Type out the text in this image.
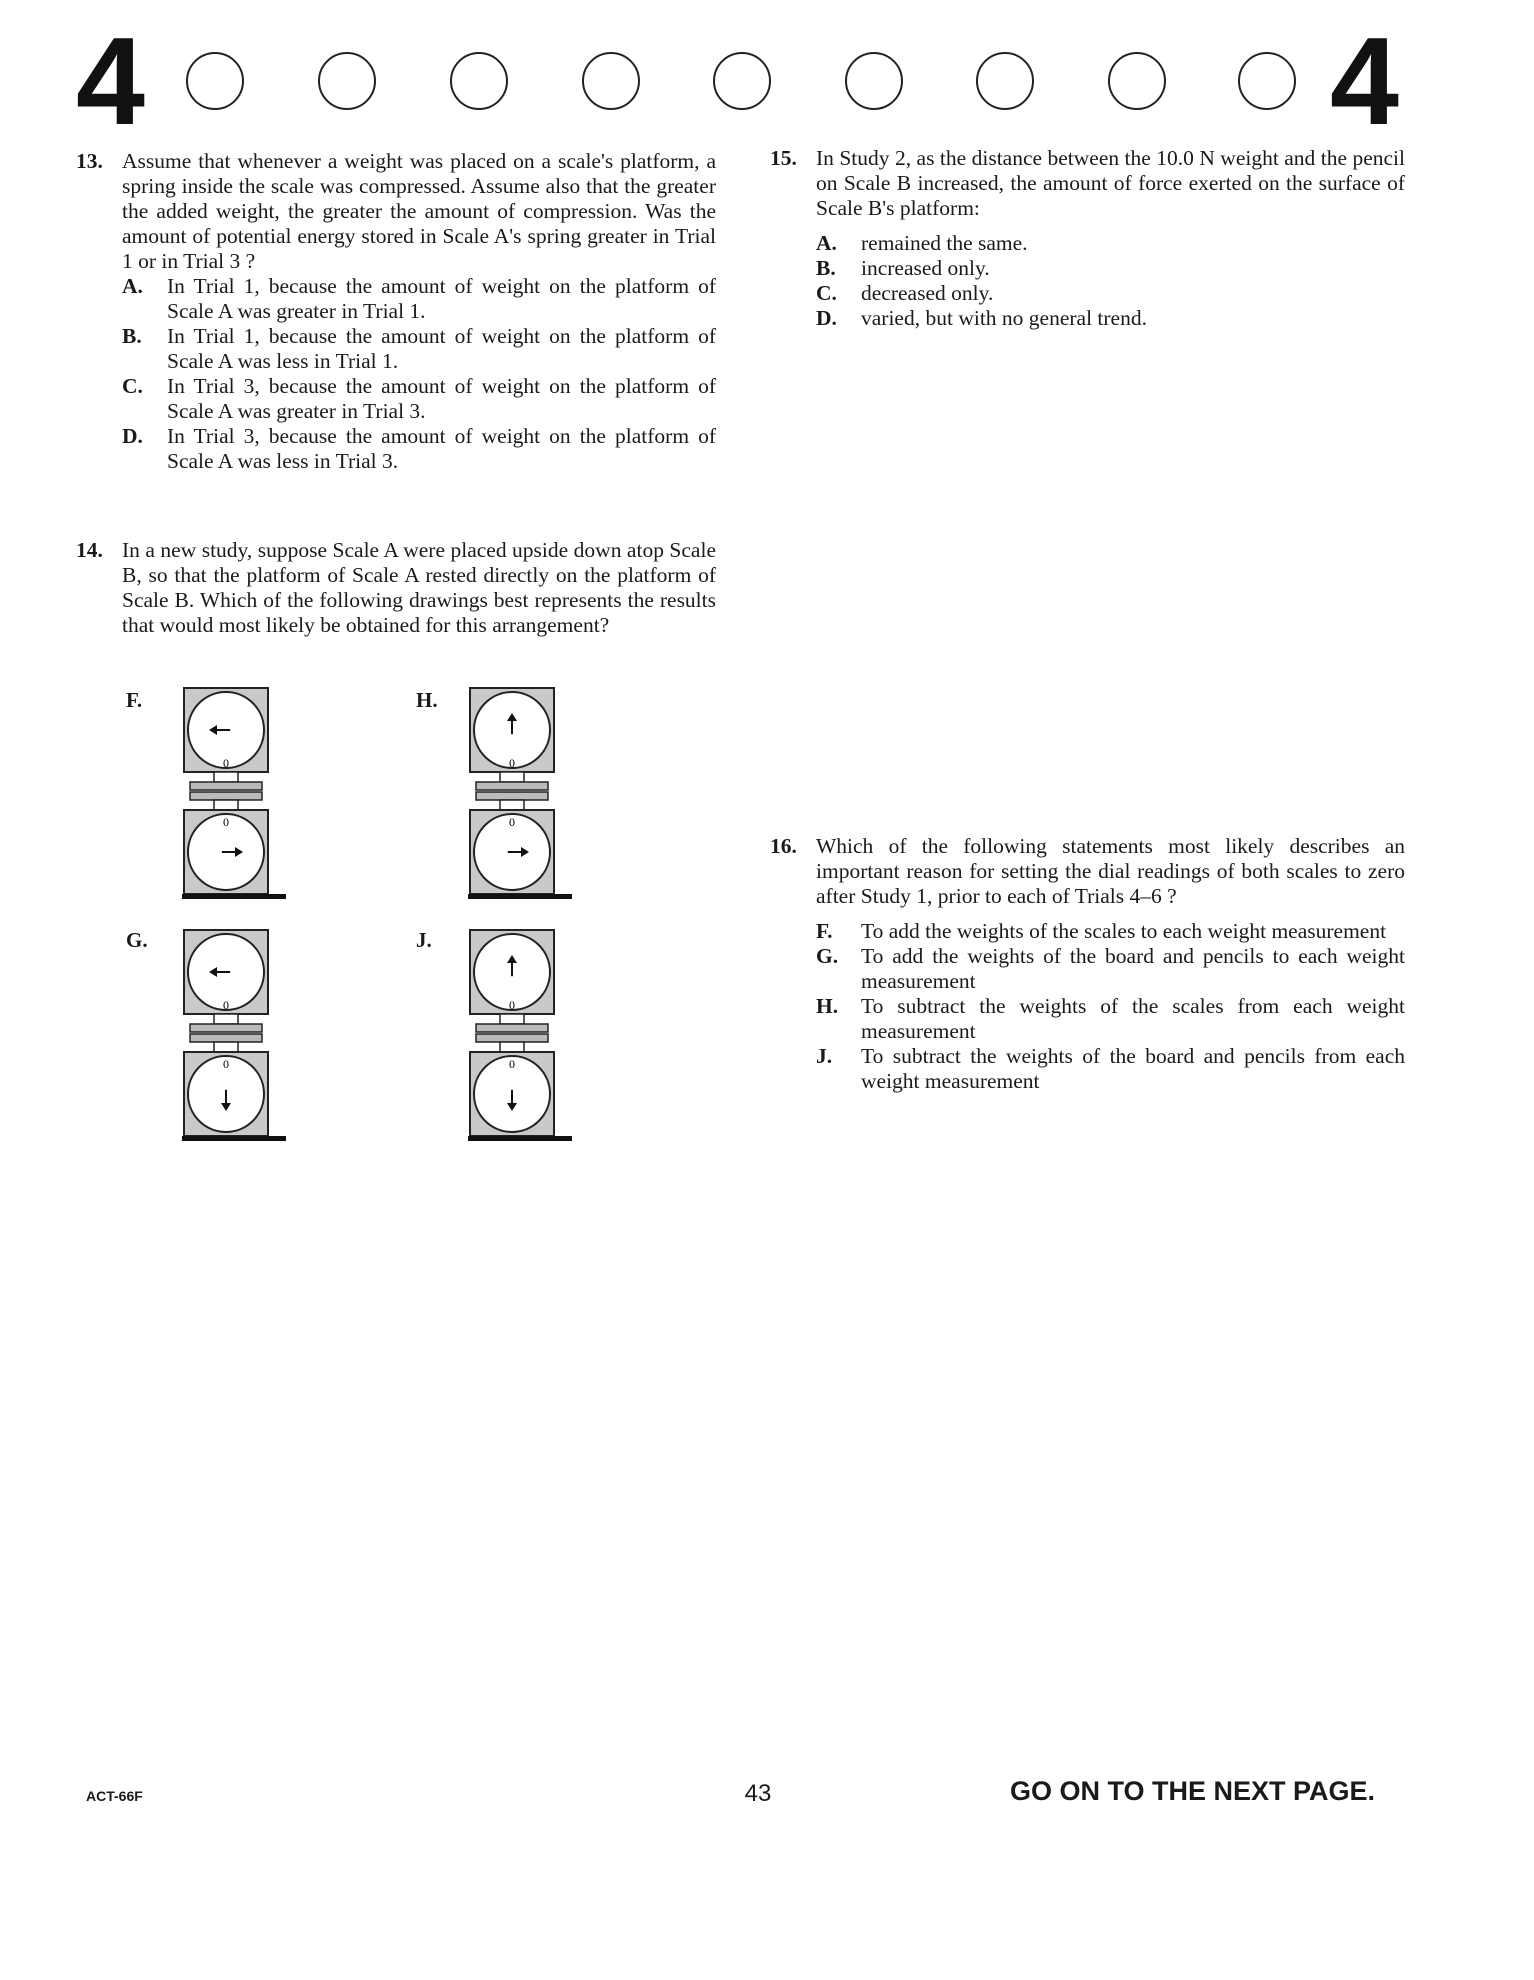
4	4
13. Assume that whenever a weight was placed on a scale's platform, a spring inside the scale was compressed. Assume also that the greater the added weight, the greater the amount of compression. Was the amount of potential energy stored in Scale A's spring greater in Trial 1 or in Trial 3 ?
A.	In Trial 1, because the amount of weight on the platform of Scale A was greater in Trial 1.
B.	In Trial 1, because the amount of weight on the platform of Scale A was less in Trial 1.
C.	In Trial 3, because the amount of weight on the platform of Scale A was greater in Trial 3.
D.	In Trial 3, because the amount of weight on the platform of Scale A was less in Trial 3.
14. In a new study, suppose Scale A were placed upside down atop Scale B, so that the platform of Scale A rested directly on the platform of Scale B. Which of the following drawings best represents the results that would most likely be obtained for this arrangement?
F.	H.
G.	J.
0
0
0
0
0
0
0
0
15. In Study 2, as the distance between the 10.0 N weight and the pencil on Scale B increased, the amount of force exerted on the surface of Scale B's platform:
A.	remained the same.
B.	increased only.
C.	decreased only.
D.	varied, but with no general trend.
16. Which of the following statements most likely describes an important reason for setting the dial readings of both scales to zero after Study 1, prior to each of Trials 4–6 ?
F.	To add the weights of the scales to each weight measurement
G.	To add the weights of the board and pencils to each weight measurement
H.	To subtract the weights of the scales from each weight measurement
J.	To subtract the weights of the board and pencils from each weight measurement
ACT-66F	43	GO ON TO THE NEXT PAGE.
